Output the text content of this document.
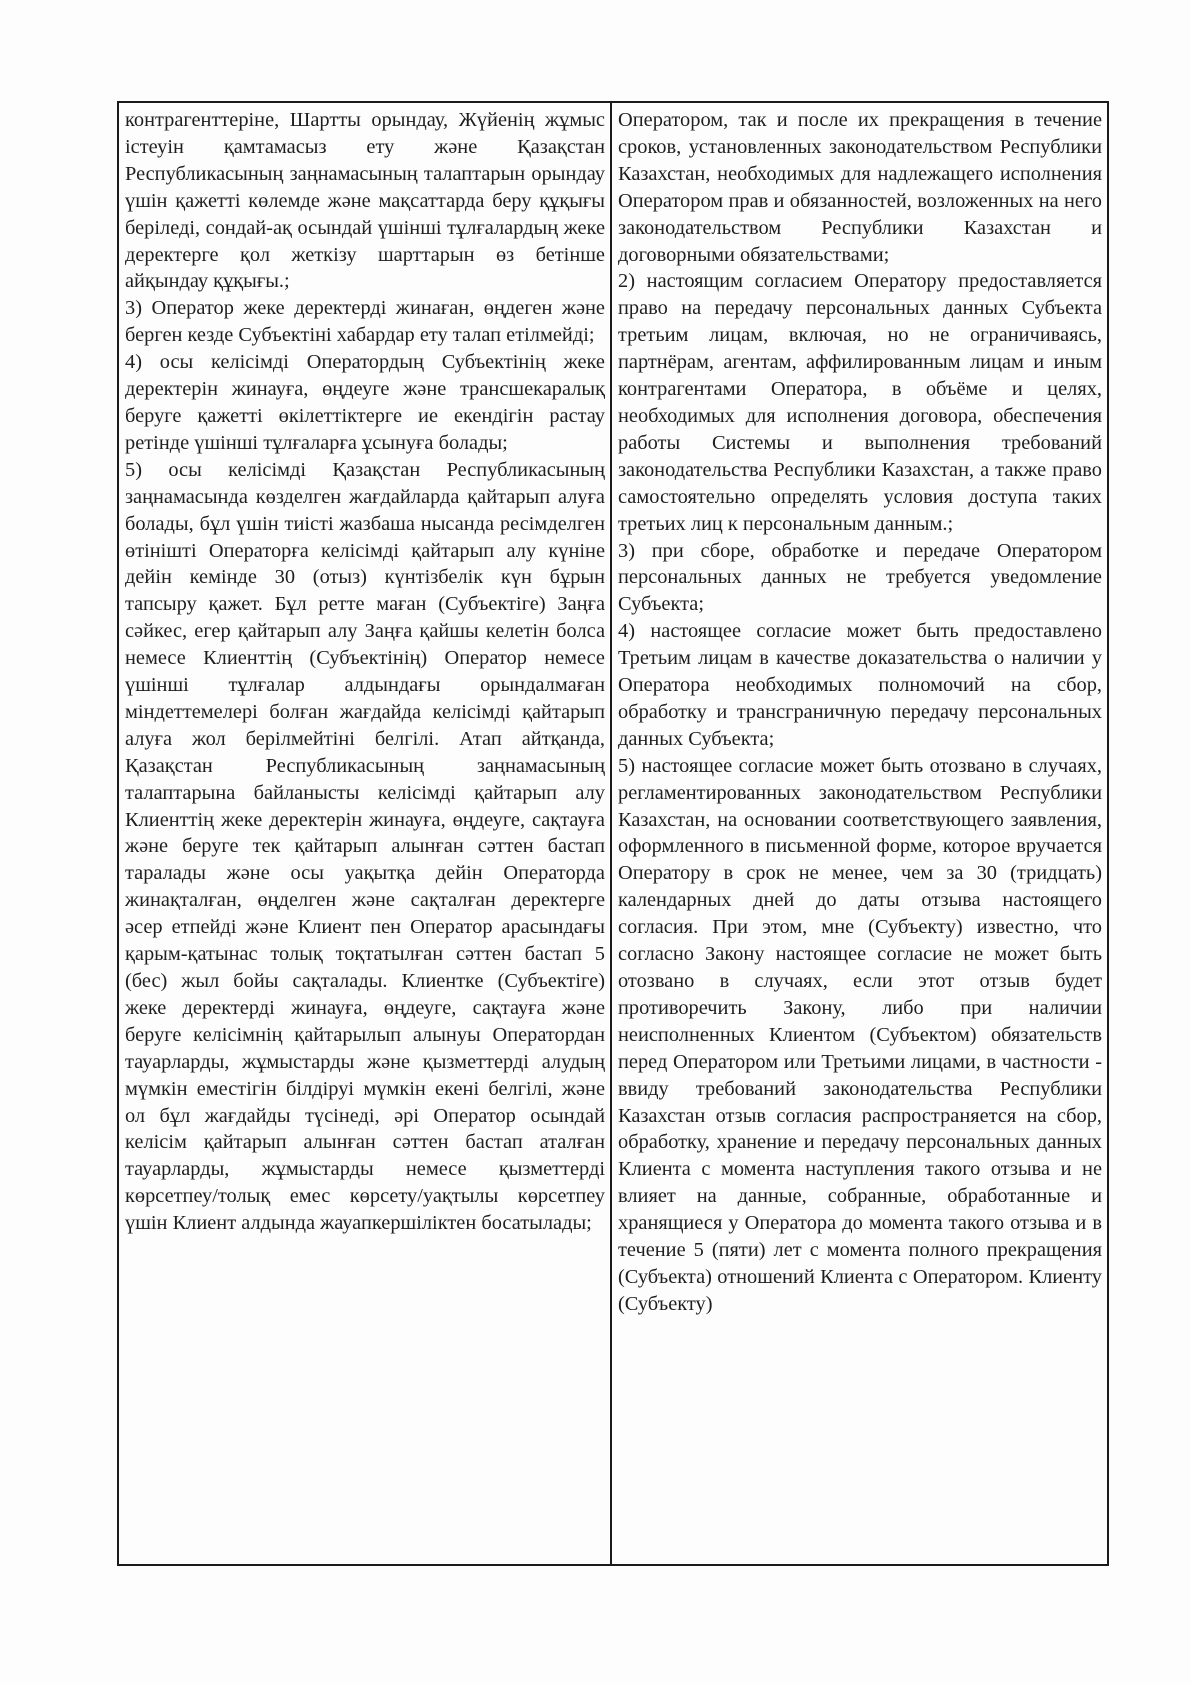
контрагенттеріне, Шартты орындау, Жүйенің жұмыс істеуін қамтамасыз ету және Қазақстан Республикасының заңнамасының талаптарын орындау үшін қажетті көлемде және мақсаттарда беру құқығы беріледі, сондай-ақ осындай үшінші тұлғалардың жеке деректерге қол жеткізу шарттарын өз бетінше айқындау құқығы.;

3) Оператор жеке деректерді жинаған, өңдеген және берген кезде Субъектіні хабардар ету талап етілмейді;

4) осы келісімді Оператордың Субъектінің жеке деректерін жинауға, өңдеуге және трансшекаралық беруге қажетті өкілеттіктерге ие екендігін растау ретінде үшінші тұлғаларға ұсынуға болады;

5) осы келісімді Қазақстан Республикасының заңнамасында көзделген жағдайларда қайтарып алуға болады, бұл үшін тиісті жазбаша нысанда ресімделген өтінішті Операторға келісімді қайтарып алу күніне дейін кемінде 30 (отыз) күнтізбелік күн бұрын тапсыру қажет. Бұл ретте маған (Субъектіге) Заңға сәйкес, егер қайтарып алу Заңға қайшы келетін болса немесе Клиенттің (Субъектінің) Оператор немесе үшінші тұлғалар алдындағы орындалмаған міндеттемелері болған жағдайда келісімді қайтарып алуға жол берілмейтіні белгілі. Атап айтқанда, Қазақстан Республикасының заңнамасының талаптарына байланысты келісімді қайтарып алу Клиенттің жеке деректерін жинауға, өңдеуге, сақтауға және беруге тек қайтарып алынған сәттен бастап таралады және осы уақытқа дейін Операторда жинақталған, өңделген және сақталған деректерге әсер етпейді және Клиент пен Оператор арасындағы қарым-қатынас толық тоқтатылған сәттен бастап 5 (бес) жыл бойы сақталады. Клиентке (Субъектіге) жеке деректерді жинауға, өңдеуге, сақтауға және беруге келісімнің қайтарылып алынуы Оператордан тауарларды, жұмыстарды және қызметтерді алудың мүмкін еместігін білдіруі мүмкін екені белгілі, және ол бұл жағдайды түсінеді, әрі Оператор осындай келісім қайтарып алынған сәттен бастап аталған тауарларды, жұмыстарды немесе қызметтерді көрсетпеу/толық емес көрсету/уақтылы көрсетпеу үшін Клиент алдында жауапкершіліктен босатылады;

Оператором, так и после их прекращения в течение сроков, установленных законодательством Республики Казахстан, необходимых для надлежащего исполнения Оператором прав и обязанностей, возложенных на него законодательством Республики Казахстан и договорными обязательствами;

2) настоящим согласием Оператору предоставляется право на передачу персональных данных Субъекта третьим лицам, включая, но не ограничиваясь, партнёрам, агентам, аффилированным лицам и иным контрагентами Оператора, в объёме и целях, необходимых для исполнения договора, обеспечения работы Системы и выполнения требований законодательства Республики Казахстан, а также право самостоятельно определять условия доступа таких третьих лиц к персональным данным.;

3) при сборе, обработке и передаче Оператором персональных данных не требуется уведомление Субъекта;

4) настоящее согласие может быть предоставлено Третьим лицам в качестве доказательства о наличии у Оператора необходимых полномочий на сбор, обработку и трансграничную передачу персональных данных Субъекта;

5) настоящее согласие может быть отозвано в случаях, регламентированных законодательством Республики Казахстан, на основании соответствующего заявления, оформленного в письменной форме, которое вручается Оператору в срок не менее, чем за 30 (тридцать) календарных дней до даты отзыва настоящего согласия. При этом, мне (Субъекту) известно, что согласно Закону настоящее согласие не может быть отозвано в случаях, если этот отзыв будет противоречить Закону, либо при наличии неисполненных Клиентом (Субъектом) обязательств перед Оператором или Третьими лицами, в частности - ввиду требований законодательства Республики Казахстан отзыв согласия распространяется на сбор, обработку, хранение и передачу персональных данных Клиента с момента наступления такого отзыва и не влияет на данные, собранные, обработанные и хранящиеся у Оператора до момента такого отзыва и в течение 5 (пяти) лет с момента полного прекращения (Субъекта) отношений Клиента с Оператором. Клиенту (Субъекту)
